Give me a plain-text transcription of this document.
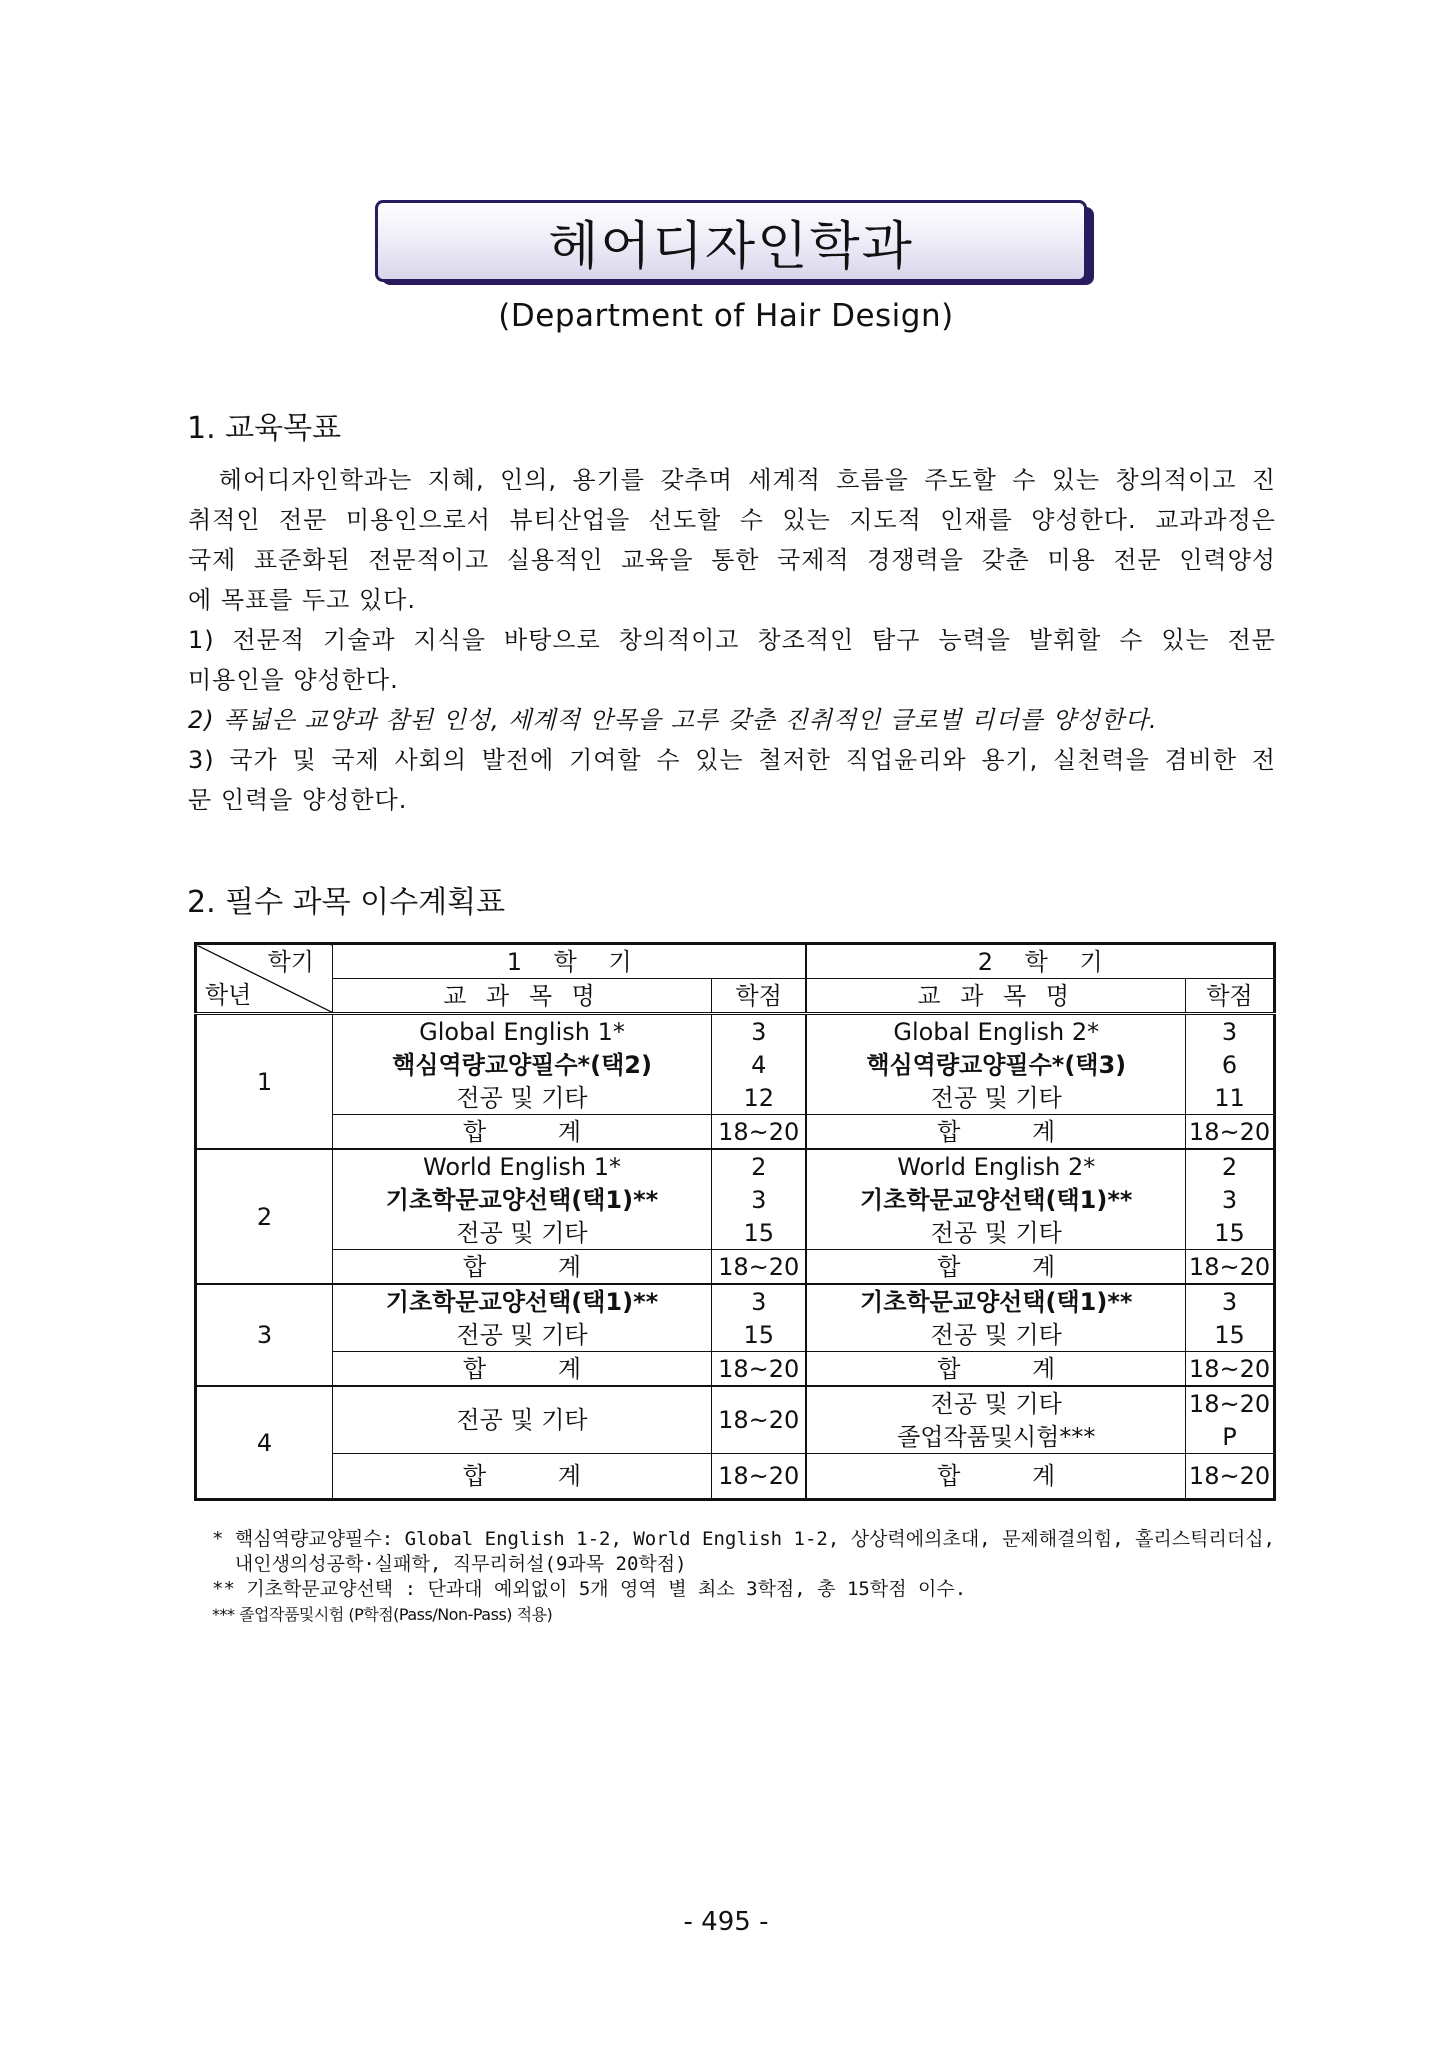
헤어디자인학과
(Department of Hair Design)
1. 교육목표
헤어디자인학과는 지혜, 인의, 용기를 갖추며 세계적 흐름을 주도할 수 있는 창의적이고 진
취적인 전문 미용인으로서 뷰티산업을 선도할 수 있는 지도적 인재를 양성한다. 교과과정은
국제 표준화된 전문적이고 실용적인 교육을 통한 국제적 경쟁력을 갖춘 미용 전문 인력양성
에 목표를 두고 있다.
1) 전문적 기술과 지식을 바탕으로 창의적이고 창조적인 탐구 능력을 발휘할 수 있는 전문
미용인을 양성한다.
2) 폭넓은 교양과 참된 인성, 세계적 안목을 고루 갖춘 진취적인 글로벌 리더를 양성한다.
3) 국가 및 국제 사회의 발전에 기여할 수 있는 철저한 직업윤리와 용기, 실천력을 겸비한 전
문 인력을 양성한다.
2. 필수 과목 이수계획표
학기
학년	1 학 기		2 학 기	
	교 과 목 명	학점	교 과 목 명	학점
1	Global English 1*	3	Global English 2*	3
	핵심역량교양필수*(택2)	4	핵심역량교양필수*(택3)	6
	전공 및 기타	12	전공 및 기타	11
	합 계	18~20	합 계	18~20
2	World English 1*	2	World English 2*	2
	기초학문교양선택(택1)**	3	기초학문교양선택(택1)**	3
	전공 및 기타	15	전공 및 기타	15
	합 계	18~20	합 계	18~20
3	기초학문교양선택(택1)**	3	기초학문교양선택(택1)**	3
	전공 및 기타	15	전공 및 기타	15
	합 계	18~20	합 계	18~20
4	전공 및 기타	18~20	전공 및 기타	18~20
			졸업작품및시험***	P
	합 계	18~20	합 계	18~20
* 핵심역량교양필수: Global English 1-2, World English 1-2, 상상력에의초대, 문제해결의힘, 홀리스틱리더십,
내인생의성공학·실패학, 직무리허설(9과목 20학점)
** 기초학문교양선택 : 단과대 예외없이 5개 영역 별 최소 3학점, 총 15학점 이수.
*** 졸업작품및시험 (P학점(Pass/Non-Pass) 적용)
- 495 -
